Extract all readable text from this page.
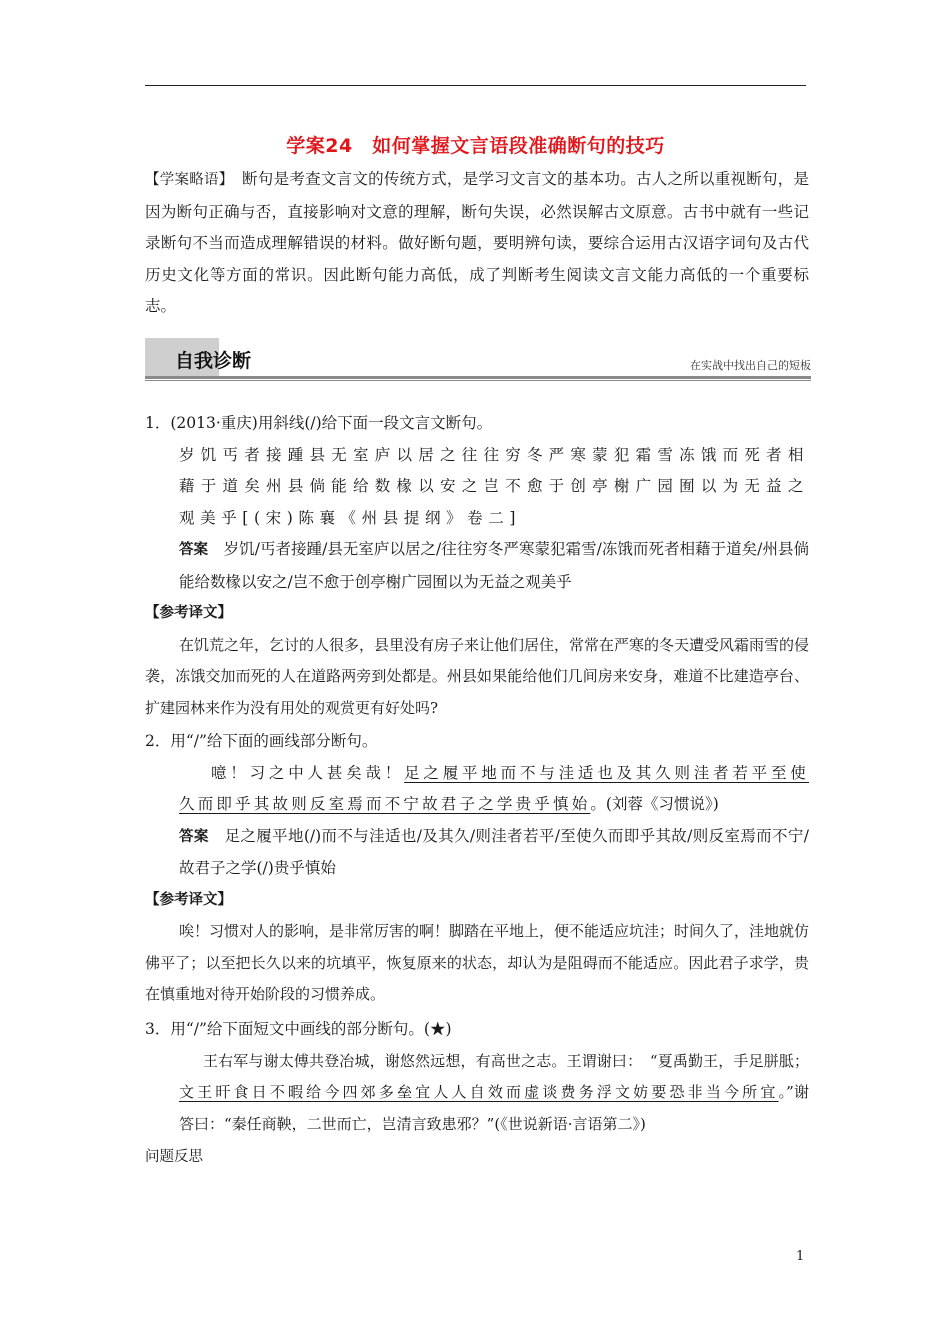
学案24　如何掌握文言语段准确断句的技巧
【学案略语】　断句是考查文言文的传统方式，是学习文言文的基本功。古人之所以重视断句，是因为断句正确与否，直接影响对文意的理解，断句失误，必然误解古文原意。古书中就有一些记录断句不当而造成理解错误的材料。做好断句题，要明辨句读，要综合运用古汉语字词句及古代历史文化等方面的常识。因此断句能力高低，成了判断考生阅读文言文能力高低的一个重要标志。
自我诊断	在实战中找出自己的短板
1．(2013·重庆)用斜线(/)给下面一段文言文断句。
岁饥丐者接踵县无室庐以居之往往穷冬严寒蒙犯霜雪冻饿而死者相藉于道矣州县倘能给数椽以安之岂不愈于创亭榭广园囿以为无益之观美乎[(宋)陈襄《州县提纲》卷二]
答案　 岁饥/丐者接踵/县无室庐以居之/往往穷冬严寒蒙犯霜雪/冻饿而死者相藉于道矣/州县倘能给数椽以安之/岂不愈于创亭榭广园囿以为无益之观美乎
【参考译文】
在饥荒之年，乞讨的人很多，县里没有房子来让他们居住，常常在严寒的冬天遭受风霜雨雪的侵袭，冻饿交加而死的人在道路两旁到处都是。州县如果能给他们几间房来安身，难道不比建造亭台、扩建园林来作为没有用处的观赏更有好处吗?
2．用“/”给下面的画线部分断句。
噫！习之中人甚矣哉！足之履平地而不与洼适也及其久则洼者若平至使久而即乎其故则反室焉而不宁故君子之学贵乎慎始。(刘蓉《习惯说》)
答案　 足之履平地(/)而不与洼适也/及其久/则洼者若平/至使久而即乎其故/则反室焉而不宁/故君子之学(/)贵乎慎始
【参考译文】
唉！习惯对人的影响，是非常厉害的啊！脚踏在平地上，便不能适应坑洼；时间久了，洼地就仿佛平了；以至把长久以来的坑填平，恢复原来的状态，却认为是阻碍而不能适应。因此君子求学，贵在慎重地对待开始阶段的习惯养成。
3．用“/”给下面短文中画线的部分断句。(★)
王右军与谢太傅共登冶城，谢悠然远想，有高世之志。王谓谢曰：　“夏禹勤王，手足胼胝；文王旰食日不暇给今四郊多垒宜人人自效而虚谈费务浮文妨要恐非当今所宜。”谢答曰：“秦任商鞅，二世而亡，岂清言致患邪？”(《世说新语·言语第二》)
问题反思
1
